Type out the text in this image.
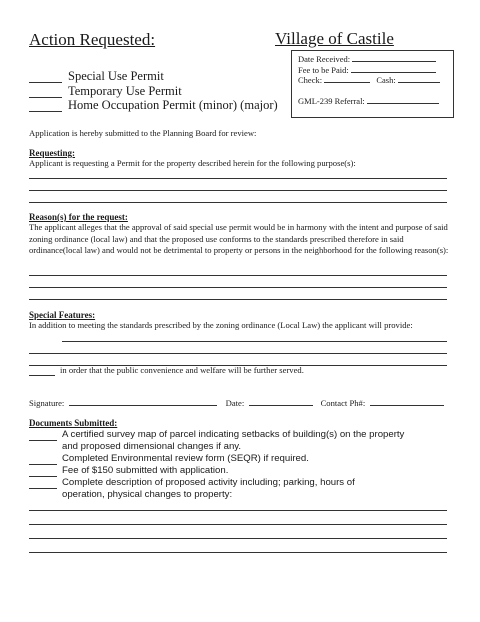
Action Requested:	Village of Castile
Special Use Permit
Temporary Use Permit
Home Occupation Permit (minor) (major)
Date Received:
Fee to be Paid:
Check:	Cash:
GML-239 Referral:
Application is hereby submitted to the Planning Board for review:
Requesting:
Applicant is requesting a Permit for the property described herein for the following purpose(s):
Reason(s) for the request:
The applicant alleges that the approval of said special use permit would be in harmony with the intent and purpose of said zoning ordinance (local law) and that the proposed use conforms to the standards prescribed therefore in said ordinance(local law) and would not be detrimental to property or persons in the neighborhood for the following reason(s):
Special Features:
In addition to meeting the standards prescribed by the zoning ordinance (Local Law) the applicant will provide:
in order that the public convenience and welfare will be further served.
Signature:	Date:	Contact Ph#:
Documents Submitted:
A certified survey map of parcel indicating setbacks of building(s) on the property
and proposed dimensional changes if any.
Completed Environmental review form (SEQR) if required.
Fee of $150 submitted with application.
Complete description of proposed activity including; parking, hours of
operation, physical changes to property:
